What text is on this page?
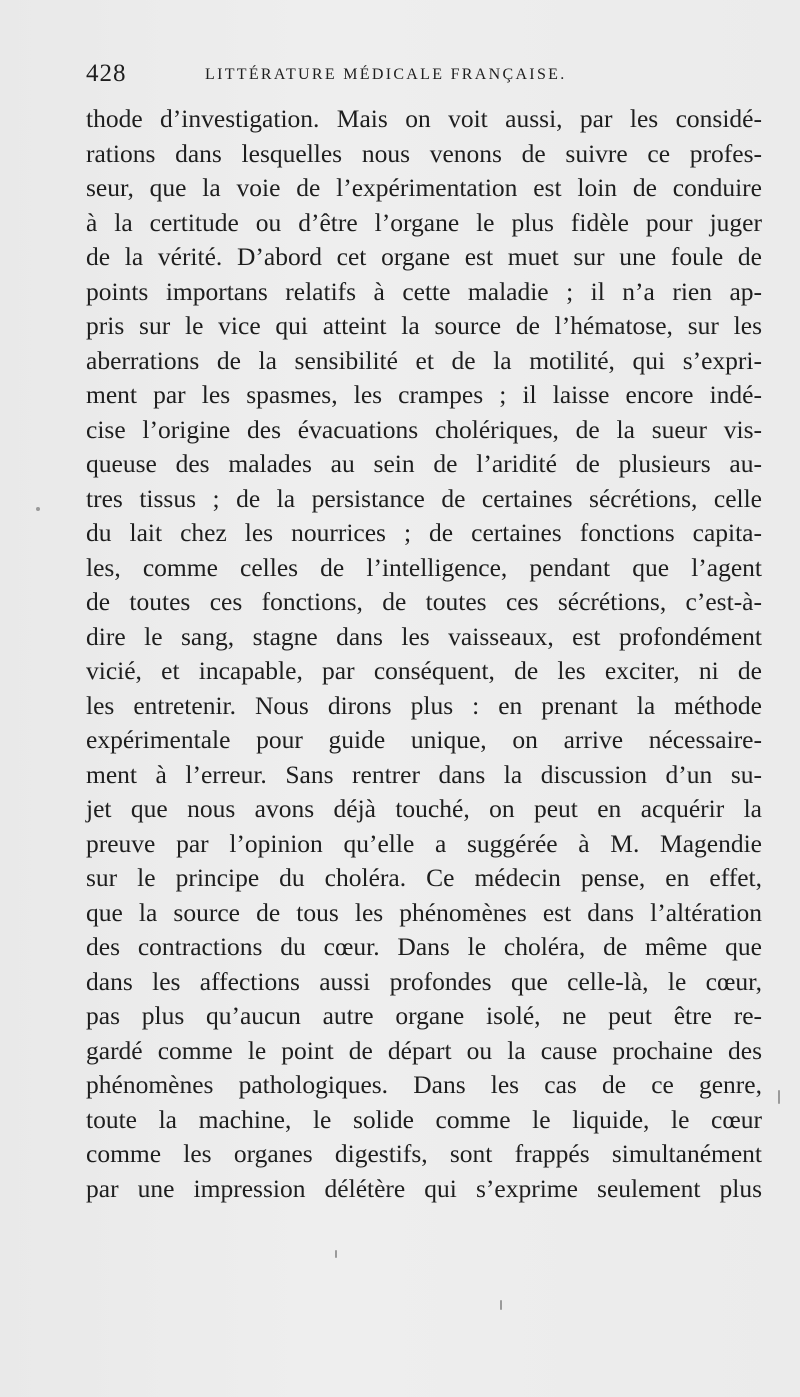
428	LITTÉRATURE MÉDICALE FRANÇAISE.
thode d’investigation. Mais on voit aussi, par les considé-
rations dans lesquelles nous venons de suivre ce profes-
seur, que la voie de l’expérimentation est loin de conduire
à la certitude ou d’être l’organe le plus fidèle pour juger
de la vérité. D’abord cet organe est muet sur une foule de
points importans relatifs à cette maladie ; il n’a rien ap-
pris sur le vice qui atteint la source de l’hématose, sur les
aberrations de la sensibilité et de la motilité, qui s’expri-
ment par les spasmes, les crampes ; il laisse encore indé-
cise l’origine des évacuations cholériques, de la sueur vis-
queuse des malades au sein de l’aridité de plusieurs au-
tres tissus ; de la persistance de certaines sécrétions, celle
du lait chez les nourrices ; de certaines fonctions capita-
les, comme celles de l’intelligence, pendant que l’agent
de toutes ces fonctions, de toutes ces sécrétions, c’est-à-
dire le sang, stagne dans les vaisseaux, est profondément
vicié, et incapable, par conséquent, de les exciter, ni de
les entretenir. Nous dirons plus : en prenant la méthode
expérimentale pour guide unique, on arrive nécessaire-
ment à l’erreur. Sans rentrer dans la discussion d’un su-
jet que nous avons déjà touché, on peut en acquérir la
preuve par l’opinion qu’elle a suggérée à M. Magendie
sur le principe du choléra. Ce médecin pense, en effet,
que la source de tous les phénomènes est dans l’altération
des contractions du cœur. Dans le choléra, de même que
dans les affections aussi profondes que celle-là, le cœur,
pas plus qu’aucun autre organe isolé, ne peut être re-
gardé comme le point de départ ou la cause prochaine des
phénomènes pathologiques. Dans les cas de ce genre,
toute la machine, le solide comme le liquide, le cœur
comme les organes digestifs, sont frappés simultanément
par une impression délétère qui s’exprime seulement plus
